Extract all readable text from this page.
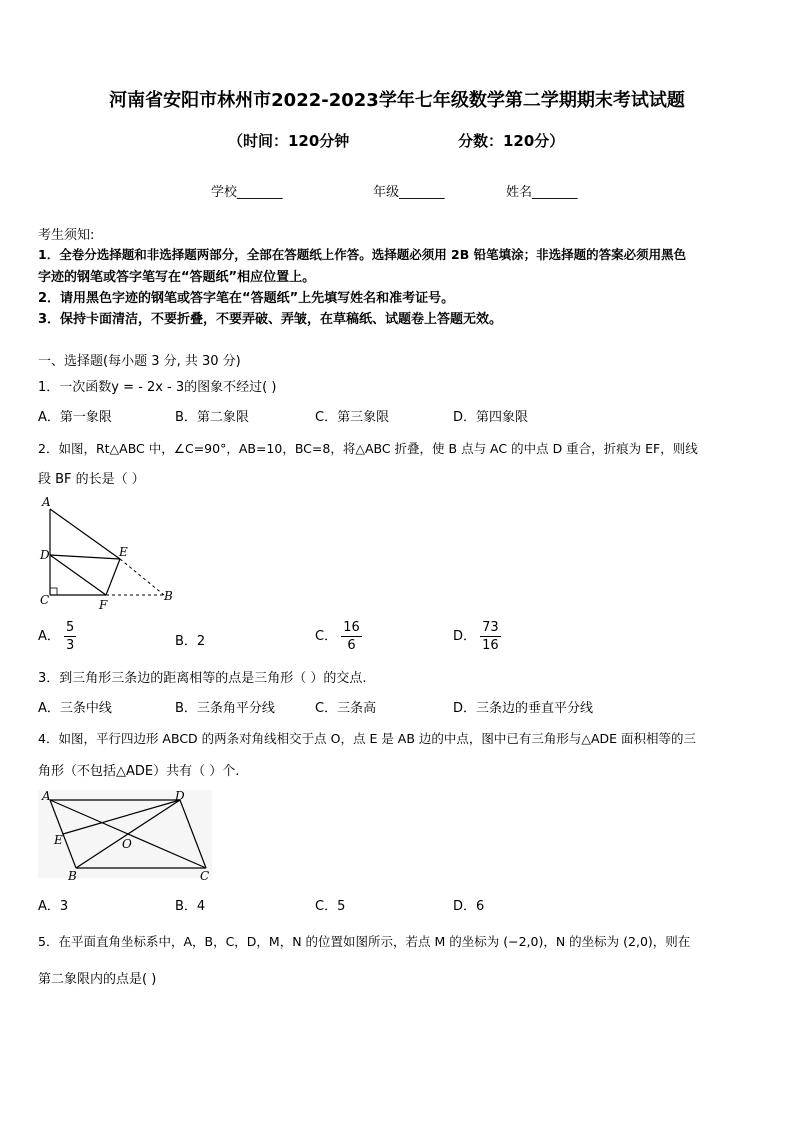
河南省安阳市林州市2022-2023学年七年级数学第二学期期末考试试题
（时间：120分钟	分数：120分）
学校_______	年级_______	姓名_______
考生须知:
1．全卷分选择题和非选择题两部分，全部在答题纸上作答。选择题必须用 2B 铅笔填涂；非选择题的答案必须用黑色
字迹的钢笔或答字笔写在“答题纸”相应位置上。
2．请用黑色字迹的钢笔或答字笔在“答题纸”上先填写姓名和准考证号。
3．保持卡面清洁，不要折叠，不要弄破、弄皱，在草稿纸、试题卷上答题无效。
一、选择题(每小题 3 分, 共 30 分)
1．一次函数y = - 2x - 3的图象不经过( )
A．第一象限	B．第二象限	C．第三象限	D．第四象限
2．如图，Rt△ABC 中，∠C=90°，AB=10，BC=8，将△ABC 折叠，使 B 点与 AC 的中点 D 重合，折痕为 EF，则线
段 BF 的长是（ ）
A
D	E
C	F
B
A． $\frac{5}{3}$	B．2	C． $\frac{16}{6}$	D． $\frac{73}{16}$
3．到三角形三条边的距离相等的点是三角形（ ）的交点.
A．三条中线	B．三条角平分线	C．三条高	D．三条边的垂直平分线
4．如图，平行四边形 ABCD 的两条对角线相交于点 O，点 E 是 AB 边的中点，图中已有三角形与△ADE 面积相等的三
角形（不包括△ADE）共有（ ）个.
A	D
E	O
B	C
A．3	B．4	C．5	D．6
5．在平面直角坐标系中，A，B，C，D，M，N 的位置如图所示，若点 M 的坐标为 (−2,0)，N 的坐标为 (2,0)，则在
第二象限内的点是( )
